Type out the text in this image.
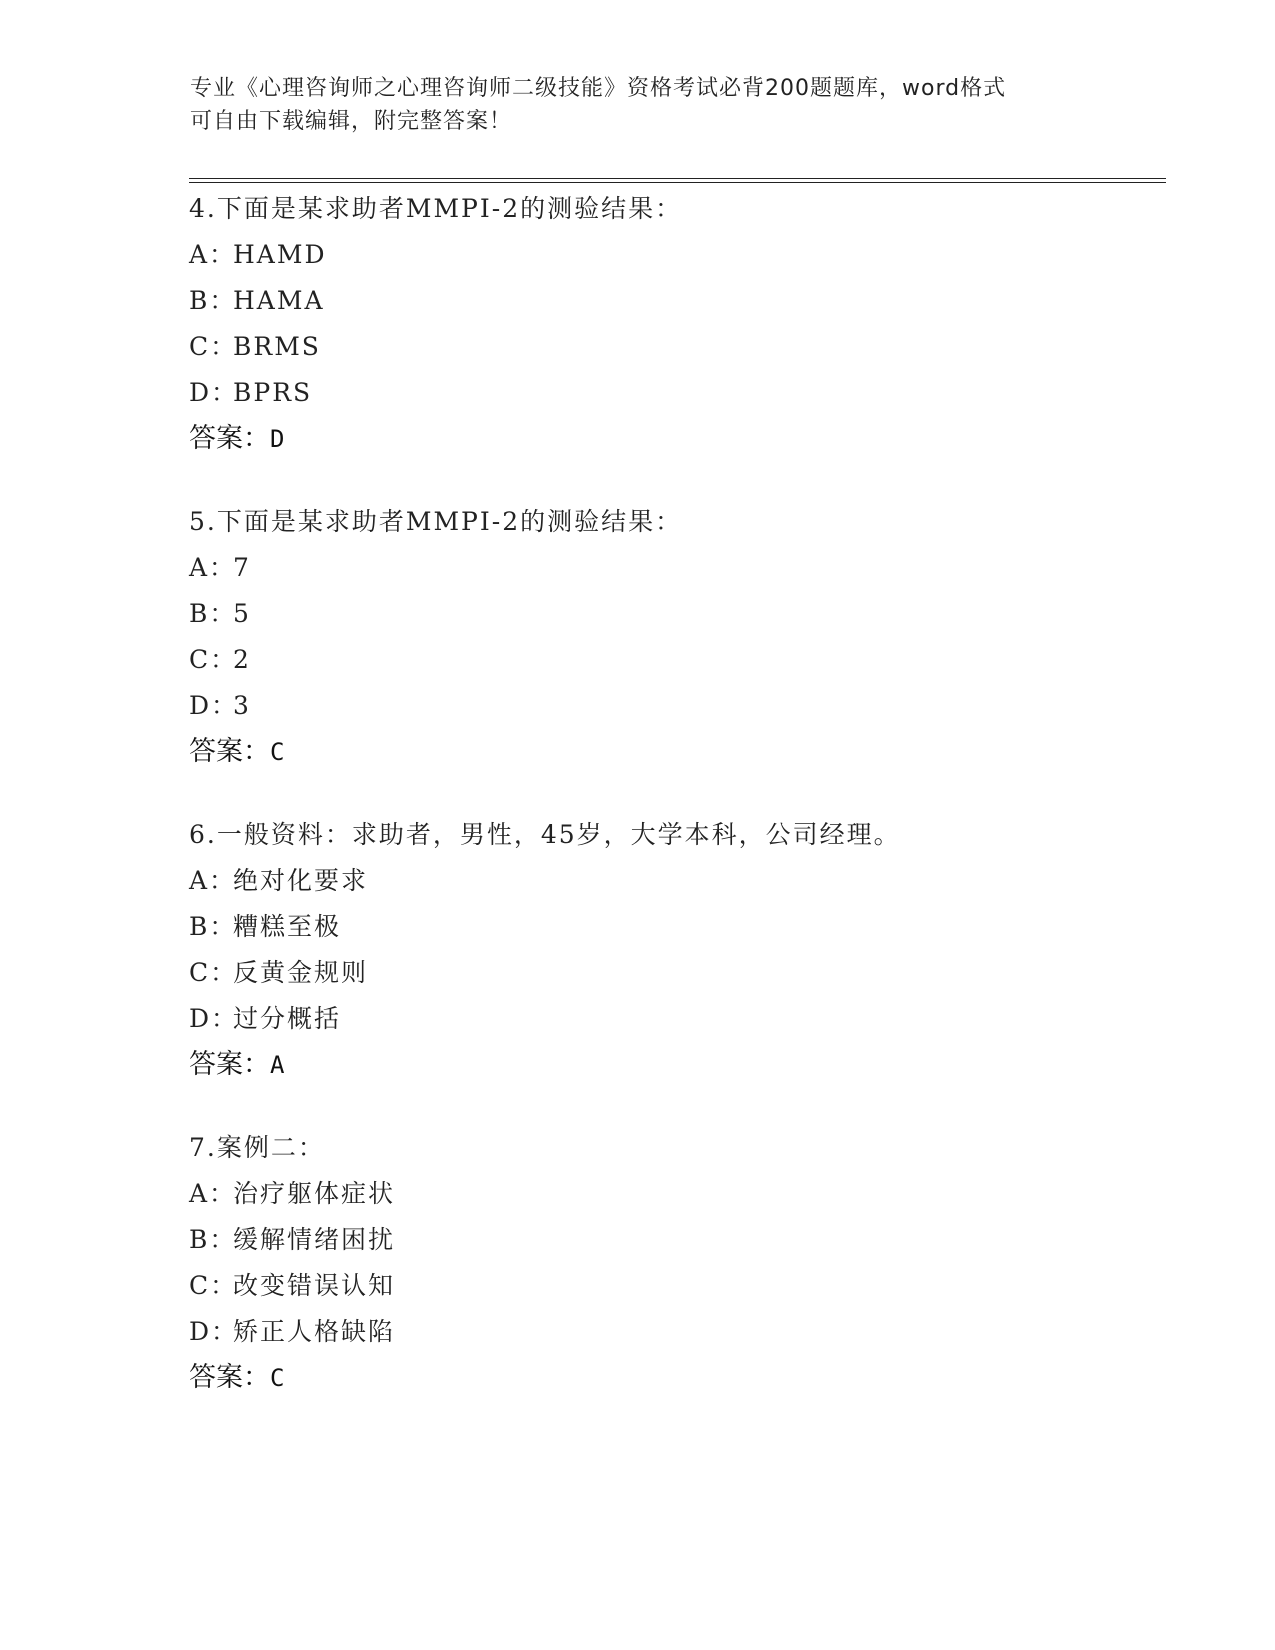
专业《心理咨询师之心理咨询师二级技能》资格考试必背200题题库，word格式
可自由下载编辑，附完整答案！
4.下面是某求助者MMPI-2的测验结果：
A：HAMD
B：HAMA
C：BRMS
D：BPRS
答案：D
5.下面是某求助者MMPI-2的测验结果：
A：7
B：5
C：2
D：3
答案：C
6.一般资料：求助者，男性，45岁，大学本科，公司经理。
A：绝对化要求
B：糟糕至极
C：反黄金规则
D：过分概括
答案：A
7.案例二：
A：治疗躯体症状
B：缓解情绪困扰
C：改变错误认知
D：矫正人格缺陷
答案：C
